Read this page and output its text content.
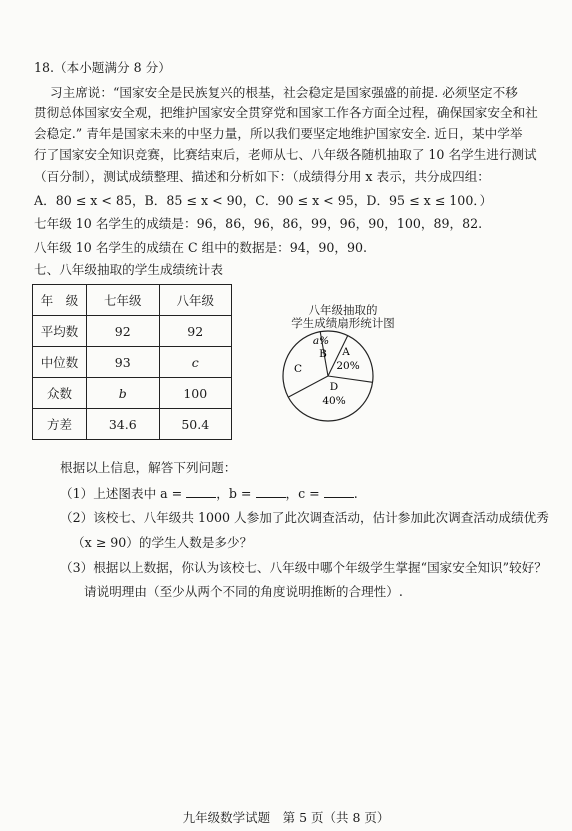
18.（本小题满分 8 分）
习主席说：“国家安全是民族复兴的根基，社会稳定是国家强盛的前提. 必须坚定不移
贯彻总体国家安全观，把维护国家安全贯穿党和国家工作各方面全过程，确保国家安全和社
会稳定.” 青年是国家未来的中坚力量，所以我们要坚定地维护国家安全. 近日，某中学举
行了国家安全知识竞赛，比赛结束后，老师从七、八年级各随机抽取了 10 名学生进行测试
（百分制），测试成绩整理、描述和分析如下：（成绩得分用 x 表示，共分成四组：
A．80 ≤ x < 85，B．85 ≤ x < 90，C．90 ≤ x < 95，D．95 ≤ x ≤ 100．）
七年级 10 名学生的成绩是：96，86，96，86，99，96，90，100，89，82.
八年级 10 名学生的成绩在 C 组中的数据是：94，90，90.
七、八年级抽取的学生成绩统计表
年　级	七年级	八年级
平均数	92	92
中位数	93	c
众数	b	100
方差	34.6	50.4
八年级抽取的
学生成绩扇形统计图
a%
B A
20%
C
D
40%
根据以上信息，解答下列问题：
（1）上述图表中 a =	，b =	，c =	.
（2）该校七、八年级共 1000 人参加了此次调查活动，估计参加此次调查活动成绩优秀
（x ≥ 90）的学生人数是多少？
（3）根据以上数据，你认为该校七、八年级中哪个年级学生掌握“国家安全知识”较好？
请说明理由（至少从两个不同的角度说明推断的合理性）.
九年级数学试题　第 5 页（共 8 页）
